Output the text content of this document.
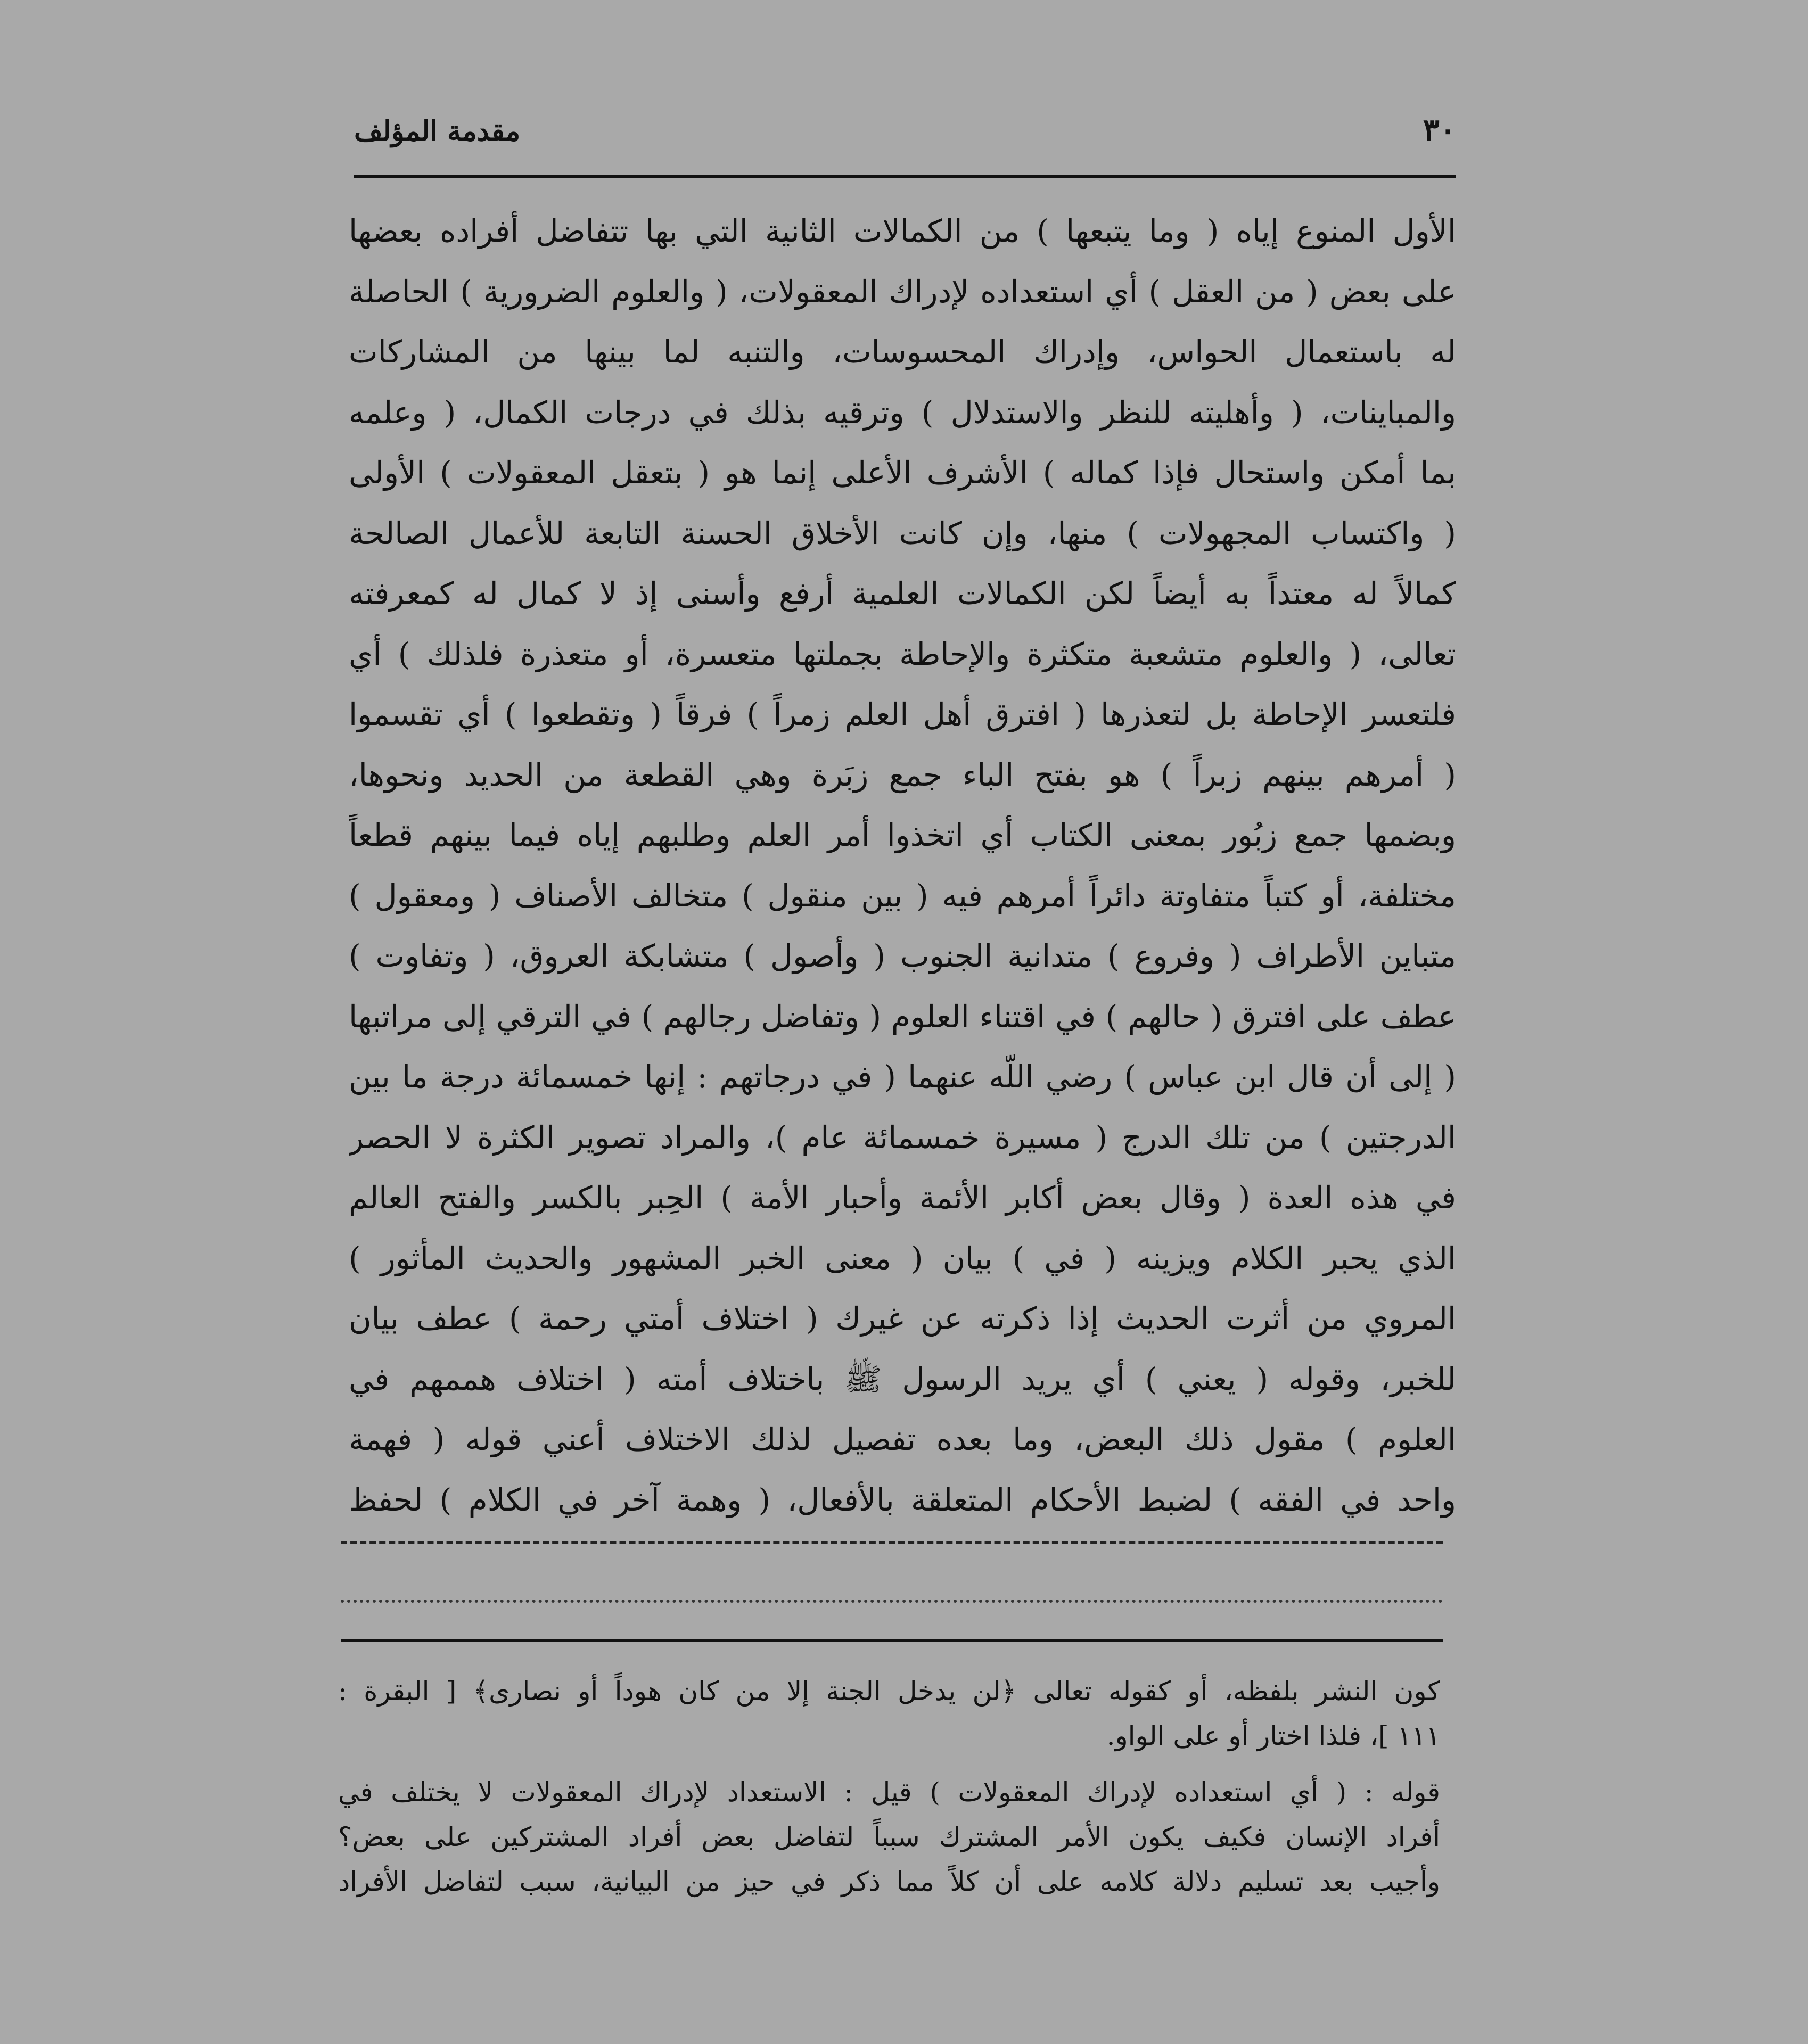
٣٠
مقدمة المؤلف
الأول المنوع إياه ( وما يتبعها ) من الكمالات الثانية التي بها تتفاضل أفراده بعضها
على بعض ( من العقل ) أي استعداده لإدراك المعقولات، ( والعلوم الضرورية ) الحاصلة
له باستعمال الحواس، وإدراك المحسوسات، والتنبه لما بينها من المشاركات
والمباينات، ( وأهليته للنظر والاستدلال ) وترقيه بذلك في درجات الكمال، ( وعلمه
بما أمكن واستحال فإذا كماله ) الأشرف الأعلى إنما هو ( بتعقل المعقولات ) الأولى
( واكتساب المجهولات ) منها، وإن كانت الأخلاق الحسنة التابعة للأعمال الصالحة
كمالاً له معتداً به أيضاً لكن الكمالات العلمية أرفع وأسنى إذ لا كمال له كمعرفته
تعالى، ( والعلوم متشعبة متكثرة والإحاطة بجملتها متعسرة، أو متعذرة فلذلك ) أي
فلتعسر الإحاطة بل لتعذرها ( افترق أهل العلم زمراً ) فرقاً ( وتقطعوا ) أي تقسموا
( أمرهم بينهم زبراً ) هو بفتح الباء جمع زبَرة وهي القطعة من الحديد ونحوها،
وبضمها جمع زبُور بمعنى الكتاب أي اتخذوا أمر العلم وطلبهم إياه فيما بينهم قطعاً
مختلفة، أو كتباً متفاوتة دائراً أمرهم فيه ( بين منقول ) متخالف الأصناف ( ومعقول )
متباين الأطراف ( وفروع ) متدانية الجنوب ( وأصول ) متشابكة العروق، ( وتفاوت )
عطف على افترق ( حالهم ) في اقتناء العلوم ( وتفاضل رجالهم ) في الترقي إلى مراتبها
( إلى أن قال ابن عباس ) رضي اللّه عنهما ( في درجاتهم : إنها خمسمائة درجة ما بين
الدرجتين ) من تلك الدرج ( مسيرة خمسمائة عام )، والمراد تصوير الكثرة لا الحصر
في هذه العدة ( وقال بعض أكابر الأئمة وأحبار الأمة ) الحِبر بالكسر والفتح العالم
الذي يحبر الكلام ويزينه ( في ) بيان ( معنى الخبر المشهور والحديث المأثور )
المروي من أثرت الحديث إذا ذكرته عن غيرك ( اختلاف أمتي رحمة ) عطف بيان
للخبر، وقوله ( يعني ) أي يريد الرسول ﷺ باختلاف أمته ( اختلاف هممهم في
العلوم ) مقول ذلك البعض، وما بعده تفصيل لذلك الاختلاف أعني قوله ( فهمة
واحد في الفقه ) لضبط الأحكام المتعلقة بالأفعال، ( وهمة آخر في الكلام ) لحفظ
كون النشر بلفظه، أو كقوله تعالى ﴿لن يدخل الجنة إلا من كان هوداً أو نصارى﴾ [ البقرة :
١١١ ]، فلذا اختار أو على الواو.
قوله : ( أي استعداده لإدراك المعقولات ) قيل : الاستعداد لإدراك المعقولات لا يختلف في
أفراد الإنسان فكيف يكون الأمر المشترك سبباً لتفاضل بعض أفراد المشتركين على بعض؟
وأجيب بعد تسليم دلالة كلامه على أن كلاً مما ذكر في حيز من البيانية، سبب لتفاضل الأفراد
